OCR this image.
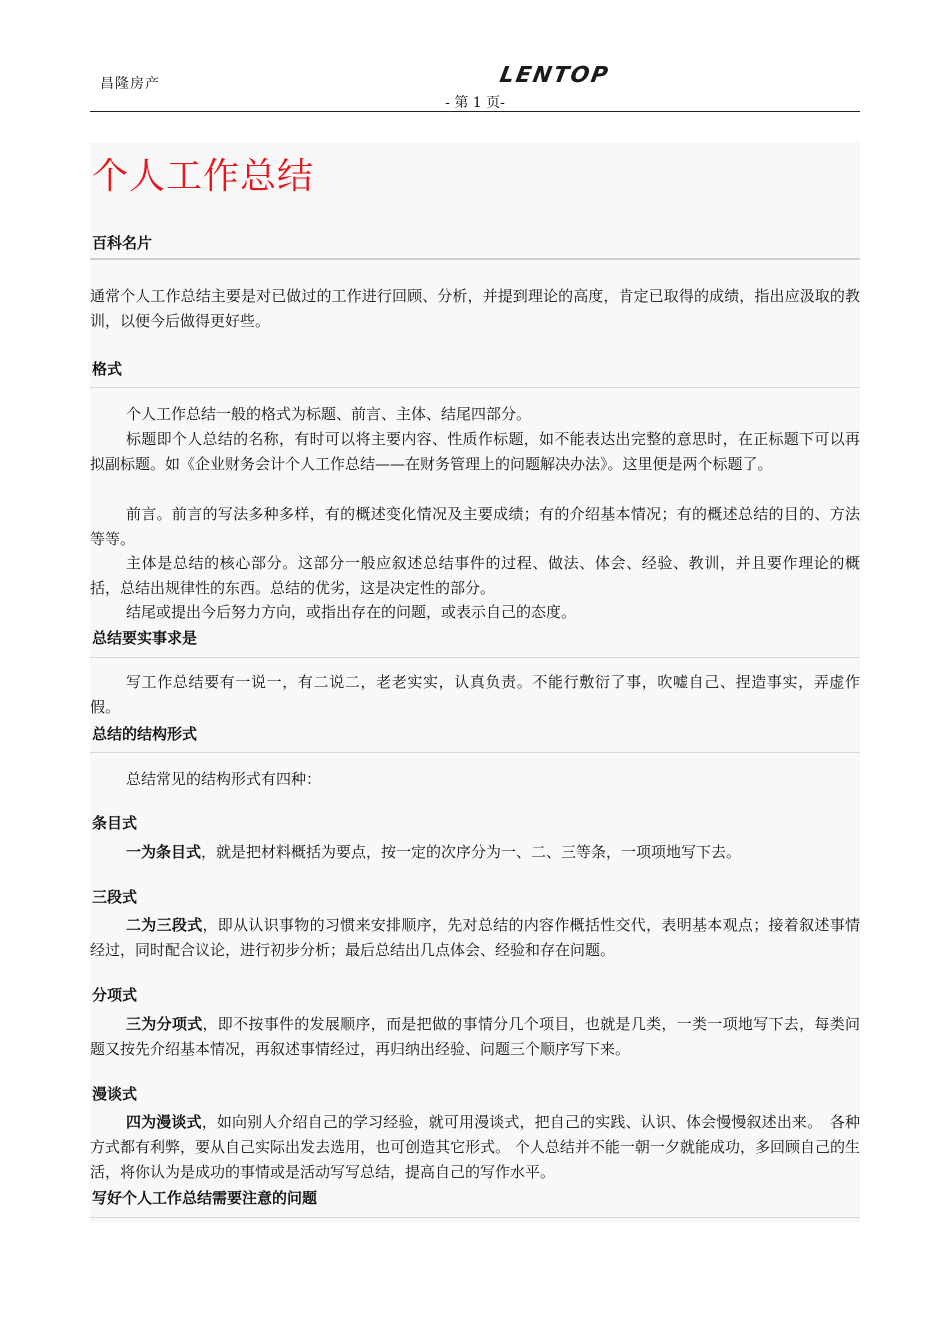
昌隆房产	LENTOP
- 第 1 页-
个人工作总结
百科名片
通常个人工作总结主要是对已做过的工作进行回顾、分析，并提到理论的高度，肯定已取得的成绩，指出应汲取的教训，以便今后做得更好些。
格式
个人工作总结一般的格式为标题、前言、主体、结尾四部分。
标题即个人总结的名称，有时可以将主要内容、性质作标题，如不能表达出完整的意思时，在正标题下可以再拟副标题。如《企业财务会计个人工作总结——在财务管理上的问题解决办法》。这里便是两个标题了。
前言。前言的写法多种多样，有的概述变化情况及主要成绩；有的介绍基本情况；有的概述总结的目的、方法等等。
主体是总结的核心部分。这部分一般应叙述总结事件的过程、做法、体会、经验、教训，并且要作理论的概括，总结出规律性的东西。总结的优劣，这是决定性的部分。
结尾或提出今后努力方向，或指出存在的问题，或表示自己的态度。
总结要实事求是
写工作总结要有一说一，有二说二，老老实实，认真负责。不能行敷衍了事，吹嘘自己、捏造事实，弄虚作假。
总结的结构形式
总结常见的结构形式有四种：
条目式
一为条目式，就是把材料概括为要点，按一定的次序分为一、二、三等条，一项项地写下去。
三段式
二为三段式，即从认识事物的习惯来安排顺序，先对总结的内容作概括性交代，表明基本观点；接着叙述事情经过，同时配合议论，进行初步分析；最后总结出几点体会、经验和存在问题。
分项式
三为分项式，即不按事件的发展顺序，而是把做的事情分几个项目，也就是几类，一类一项地写下去，每类问题又按先介绍基本情况，再叙述事情经过，再归纳出经验、问题三个顺序写下来。
漫谈式
四为漫谈式，如向别人介绍自己的学习经验，就可用漫谈式，把自己的实践、认识、体会慢慢叙述出来。　各种方式都有利弊，要从自己实际出发去选用，也可创造其它形式。 个人总结并不能一朝一夕就能成功，多回顾自己的生活，将你认为是成功的事情或是活动写写总结，提高自己的写作水平。
写好个人工作总结需要注意的问题
